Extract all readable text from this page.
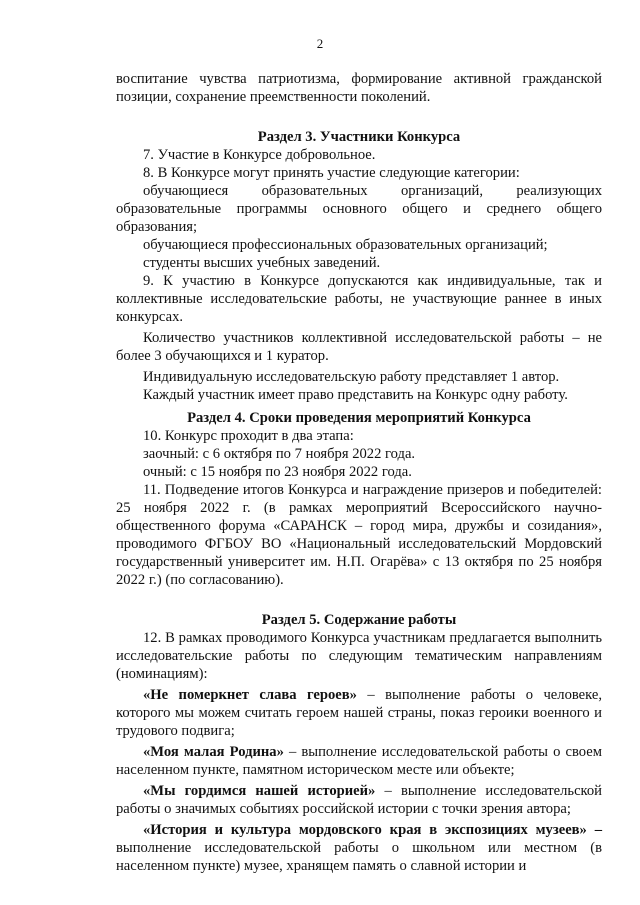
2

воспитание чувства патриотизма, формирование активной гражданской позиции, сохранение преемственности поколений.

Раздел 3. Участники Конкурса

7. Участие в Конкурсе добровольное.

8. В Конкурсе могут принять участие следующие категории:

обучающиеся образовательных организаций, реализующих образовательные программы основного общего и среднего общего образования;

обучающиеся профессиональных образовательных организаций;

студенты высших учебных заведений.

9. К участию в Конкурсе допускаются как индивидуальные, так и коллективные исследовательские работы, не участвующие раннее в иных конкурсах.

Количество участников коллективной исследовательской работы – не более 3 обучающихся и 1 куратор.

Индивидуальную исследовательскую работу представляет 1 автор.

Каждый участник имеет право представить на Конкурс одну работу.

Раздел 4. Сроки проведения мероприятий Конкурса

10. Конкурс проходит в два этапа:

заочный: с 6 октября по 7 ноября 2022 года.

очный: с 15 ноября по 23 ноября 2022 года.

11. Подведение итогов Конкурса и награждение призеров и победителей: 25 ноября 2022 г. (в рамках мероприятий Всероссийского научно-общественного форума «САРАНСК – город мира, дружбы и созидания», проводимого ФГБОУ ВО «Национальный исследовательский Мордовский государственный университет им. Н.П. Огарёва» с 13 октября по 25 ноября 2022 г.) (по согласованию).

Раздел 5. Содержание работы

12. В рамках проводимого Конкурса участникам предлагается выполнить исследовательские работы по следующим тематическим направлениям (номинациям):

«Не померкнет слава героев» – выполнение работы о человеке, которого мы можем считать героем нашей страны, показ героики военного и трудового подвига;

«Моя малая Родина» – выполнение исследовательской работы о своем населенном пункте, памятном историческом месте или объекте;

«Мы гордимся нашей историей» – выполнение исследовательской работы о значимых событиях российской истории с точки зрения автора;

«История и культура мордовского края в экспозициях музеев» – выполнение исследовательской работы о школьном или местном (в населенном пункте) музее, хранящем память о славной истории и
